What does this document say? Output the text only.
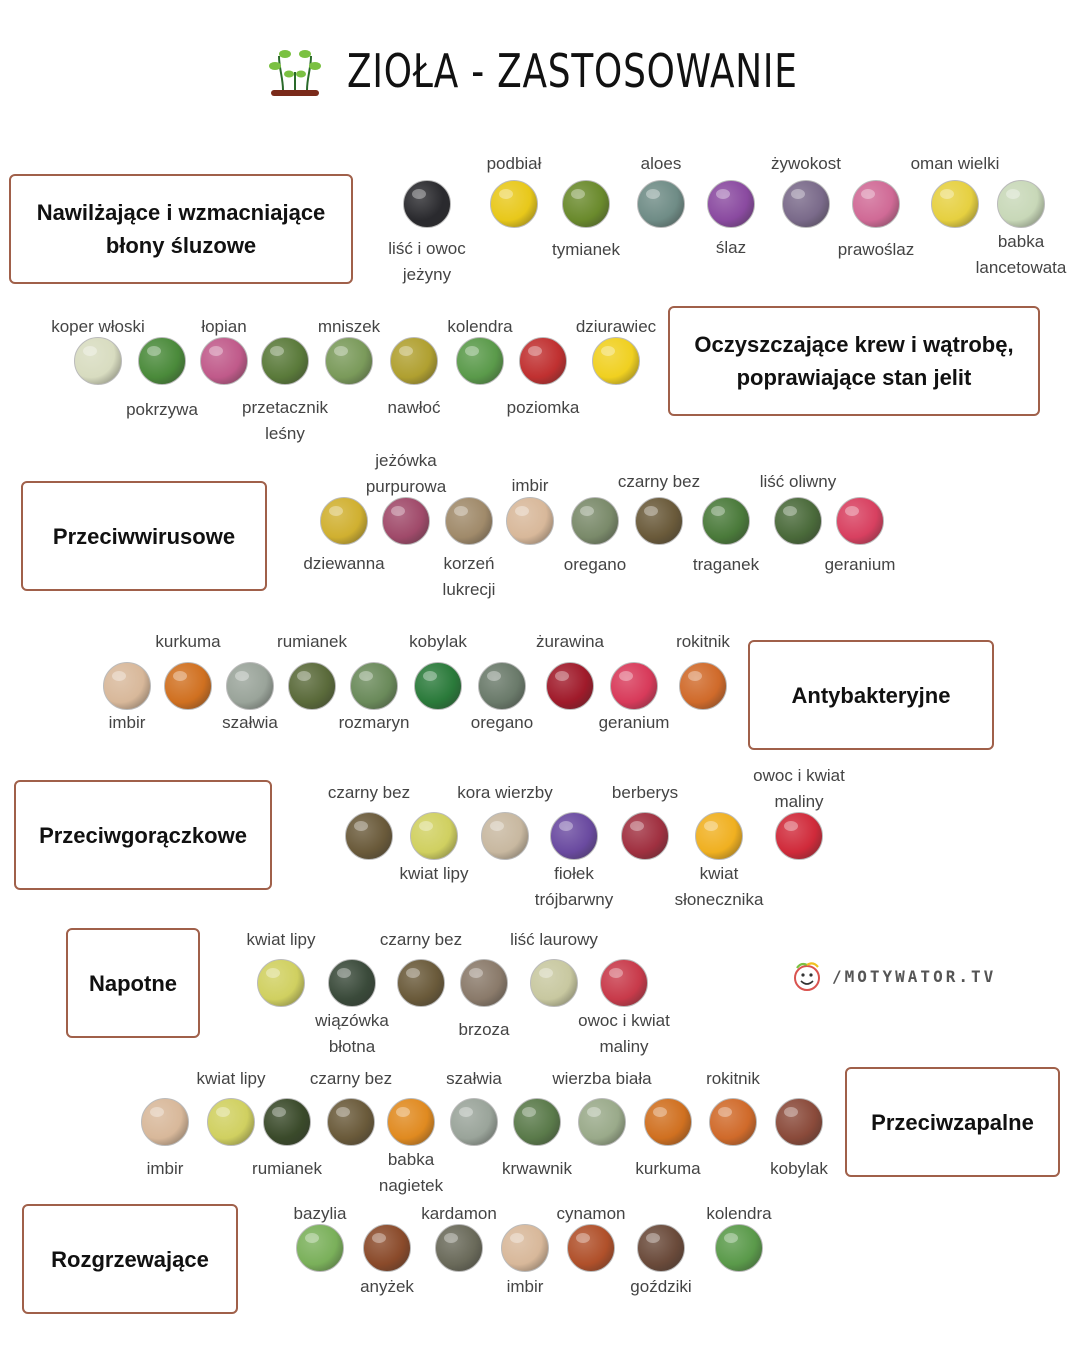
ZIOŁA - ZASTOSOWANIE
Nawilżające i wzmacniające
błony śluzowe
Oczyszczające krew i wątrobę,
poprawiające stan jelit
Przeciwwirusowe
Antybakteryjne
Przeciwgorączkowe
Napotne
Przeciwzapalne
Rozgrzewające
liść i owoc
jeżyny
podbiał
tymianek
aloes
ślaz
żywokost
prawoślaz
oman wielki
babka
lancetowata
koper włoski
pokrzywa
łopian
przetacznik
leśny
mniszek
nawłoć
kolendra
poziomka
dziurawiec
dziewanna
jeżówka
purpurowa
korzeń
lukrecji
imbir
oregano
czarny bez
traganek
liść oliwny
geranium
imbir
kurkuma
szałwia
rumianek
rozmaryn
kobylak
oregano
żurawina
geranium
rokitnik
czarny bez
kwiat lipy
kora wierzby
fiołek
trójbarwny
berberys
kwiat
słonecznika
owoc i kwiat
maliny
kwiat lipy
wiązówka
błotna
czarny bez
brzoza
liść laurowy
owoc i kwiat
maliny
imbir
kwiat lipy
rumianek
czarny bez
babka
nagietek
szałwia
krwawnik
wierzba biała
kurkuma
rokitnik
kobylak
bazylia
anyżek
kardamon
imbir
cynamon
goździki
kolendra
/MOTYWATOR.TV
